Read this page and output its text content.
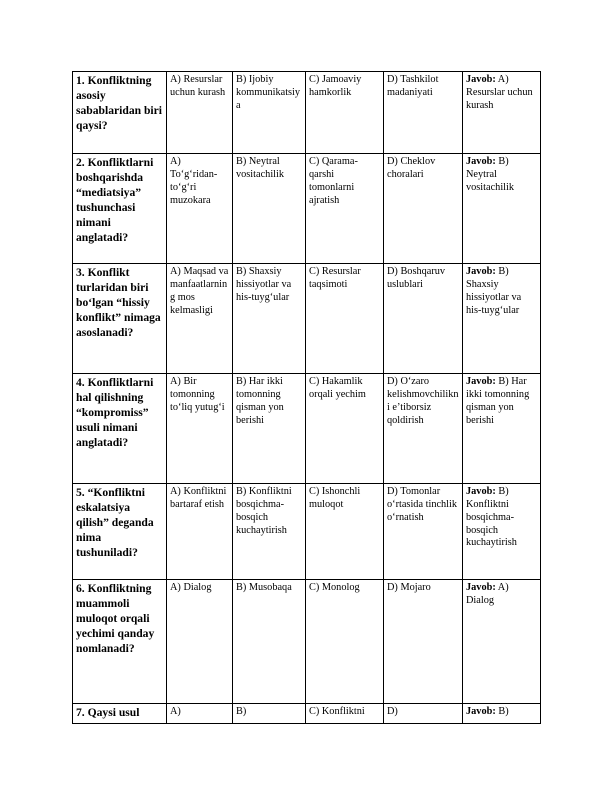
1. Konfliktning asosiy sabablaridan biri qaysi?	A) Resurslar uchun kurash	B) Ijobiy kommunikatsiya	C) Jamoaviy hamkorlik	D) Tashkilot madaniyati	Javob: A) Resurslar uchun kurash
2. Konfliktlarni boshqarishda “mediatsiya” tushunchasi nimani anglatadi?	A) To‘g‘ridan-to‘g‘ri muzokara	B) Neytral vositachilik	C) Qarama-qarshi tomonlarni ajratish	D) Cheklov choralari	Javob: B) Neytral vositachilik
3. Konflikt turlaridan biri bo‘lgan “hissiy konflikt” nimaga asoslanadi?	A) Maqsad va manfaatlarning mos kelmasligi	B) Shaxsiy hissiyotlar va his-tuyg‘ular	C) Resurslar taqsimoti	D) Boshqaruv uslublari	Javob: B) Shaxsiy hissiyotlar va his-tuyg‘ular
4. Konfliktlarni hal qilishning “kompromiss” usuli nimani anglatadi?	A) Bir tomonning to‘liq yutug‘i	B) Har ikki tomonning qisman yon berishi	C) Hakamlik orqali yechim	D) O‘zaro kelishmovchilikni e’tiborsiz qoldirish	Javob: B) Har ikki tomonning qisman yon berishi
5. “Konfliktni eskalatsiya qilish” deganda nima tushuniladi?	A) Konfliktni bartaraf etish	B) Konfliktni bosqichma-bosqich kuchaytirish	C) Ishonchli muloqot	D) Tomonlar o‘rtasida tinchlik o‘rnatish	Javob: B) Konfliktni bosqichma-bosqich kuchaytirish
6. Konfliktning muammoli muloqot orqali yechimi qanday nomlanadi?	A) Dialog	B) Musobaqa	C) Monolog	D) Mojaro	Javob: A) Dialog
7. Qaysi usul	A)	B)	C) Konfliktni	D)	Javob: B)
